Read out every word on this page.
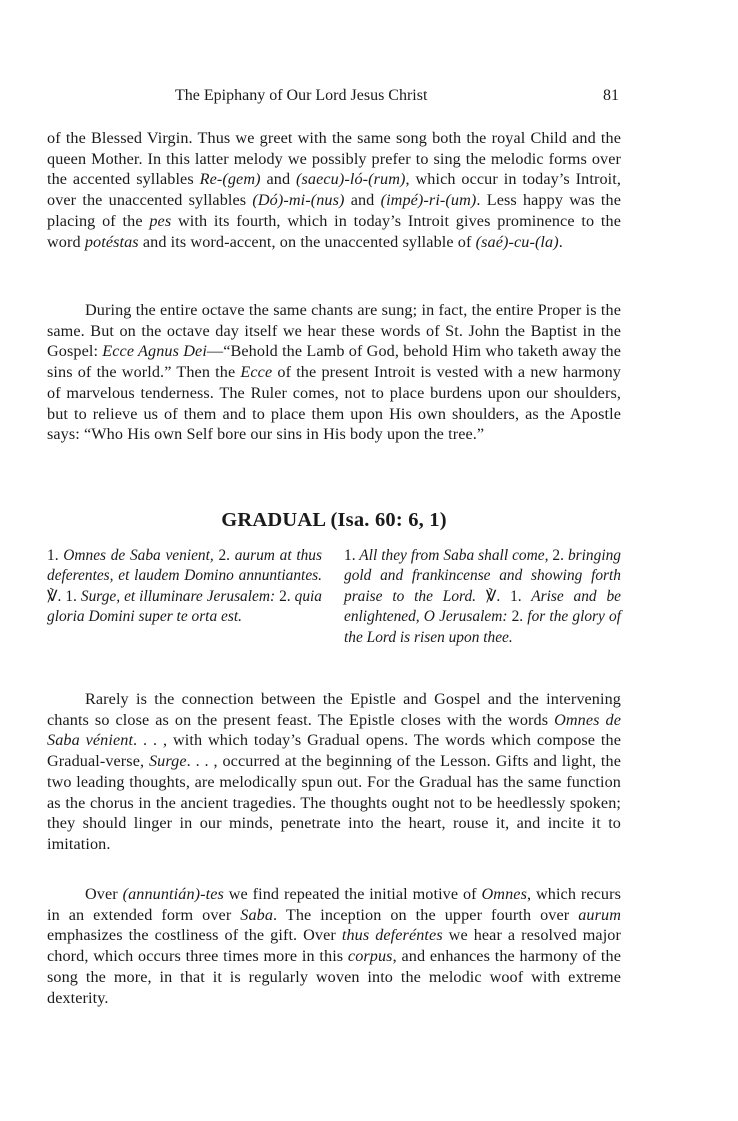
The Epiphany of Our Lord Jesus Christ	81

of the Blessed Virgin. Thus we greet with the same song both the royal Child and the queen Mother. In this latter melody we possibly prefer to sing the melodic forms over the accented syllables Re-(gem) and (saecu)-ló-(rum), which occur in today’s Introit, over the unaccented syllables (Dó)-mi-(nus) and (impé)-ri-(um). Less happy was the placing of the pes with its fourth, which in today’s Introit gives prominence to the word potéstas and its word-accent, on the unaccented syllable of (saé)-cu-(la).

During the entire octave the same chants are sung; in fact, the entire Proper is the same. But on the octave day itself we hear these words of St. John the Baptist in the Gospel: Ecce Agnus Dei—“Behold the Lamb of God, behold Him who taketh away the sins of the world.” Then the Ecce of the present Introit is vested with a new harmony of marvelous tenderness. The Ruler comes, not to place burdens upon our shoulders, but to relieve us of them and to place them upon His own shoulders, as the Apostle says: “Who His own Self bore our sins in His body upon the tree.”

GRADUAL (Isa. 60: 6, 1)
1. Omnes de Saba venient, 2. aurum at thus deferentes, et laudem Domino annuntiantes. ℣. 1. Surge, et illuminare Jerusalem: 2. quia gloria Domini super te orta est.
1. All they from Saba shall come, 2. bringing gold and frankincense and showing forth praise to the Lord. ℣. 1. Arise and be enlightened, O Jerusalem: 2. for the glory of the Lord is risen upon thee.

Rarely is the connection between the Epistle and Gospel and the intervening chants so close as on the present feast. The Epistle closes with the words Omnes de Saba vénient. . . , with which today’s Gradual opens. The words which compose the Gradual-verse, Surge. . . , occurred at the beginning of the Lesson. Gifts and light, the two leading thoughts, are melodically spun out. For the Gradual has the same function as the chorus in the ancient tragedies. The thoughts ought not to be heedlessly spoken; they should linger in our minds, penetrate into the heart, rouse it, and incite it to imitation.

Over (annuntián)-tes we find repeated the initial motive of Omnes, which recurs in an extended form over Saba. The inception on the upper fourth over aurum emphasizes the costliness of the gift. Over thus deferéntes we hear a resolved major chord, which occurs three times more in this corpus, and enhances the harmony of the song the more, in that it is regularly woven into the melodic woof with extreme dexterity.
